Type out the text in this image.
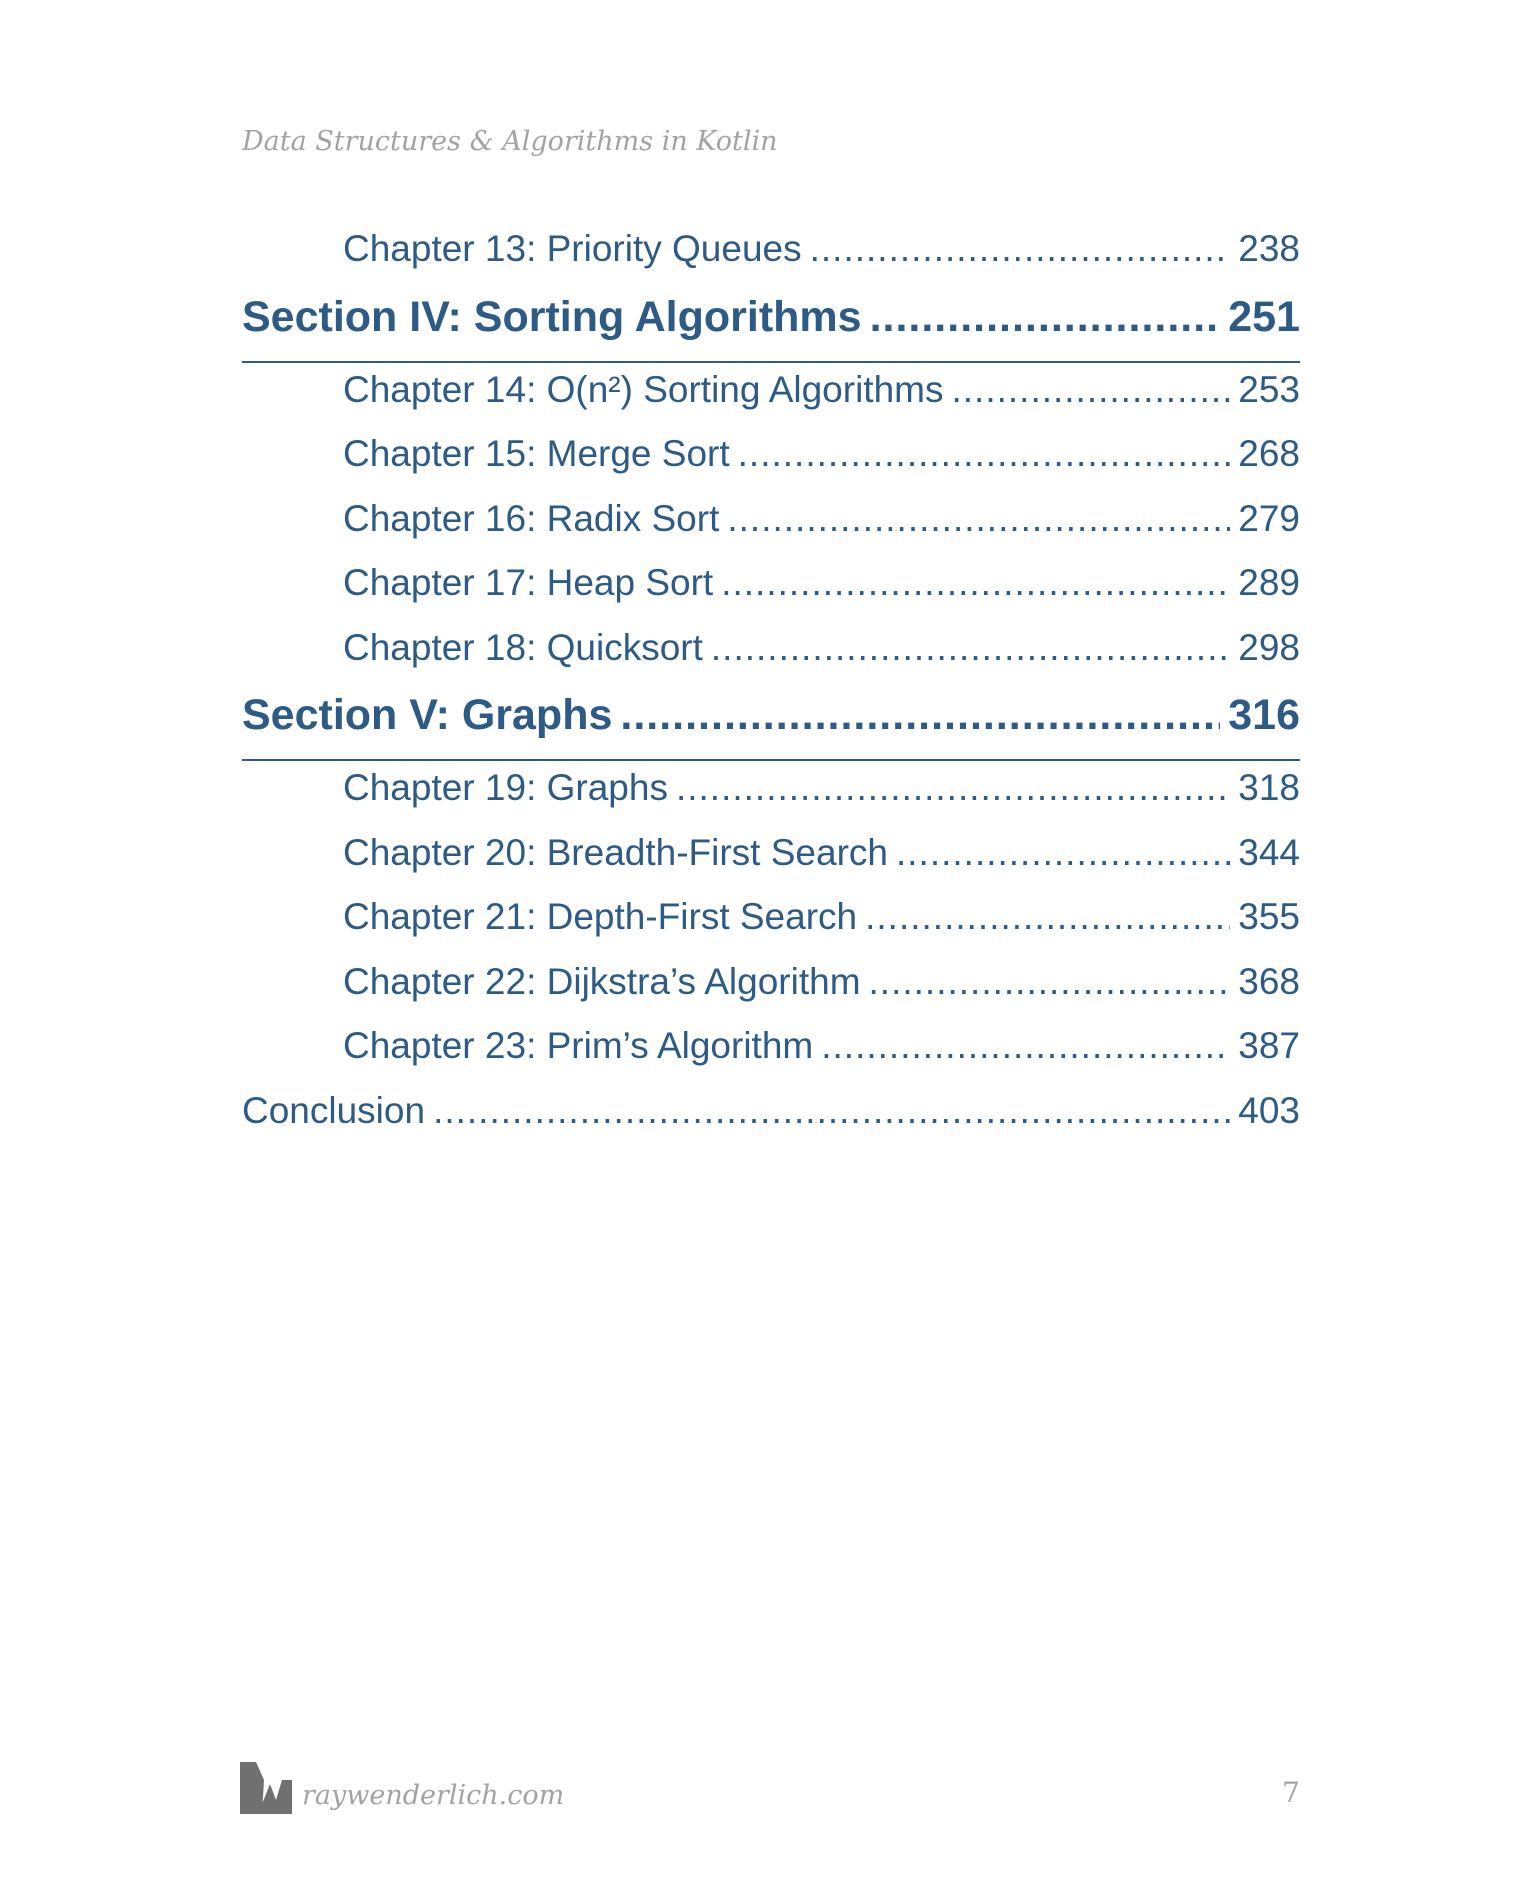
Data Structures & Algorithms in Kotlin
Chapter 13: Priority Queues .....	238
Section IV: Sorting Algorithms .....	251
Chapter 14: O(n²) Sorting Algorithms .....	253
Chapter 15: Merge Sort .....	268
Chapter 16: Radix Sort .....	279
Chapter 17: Heap Sort .....	289
Chapter 18: Quicksort .....	298
Section V: Graphs .....	316
Chapter 19: Graphs .....	318
Chapter 20: Breadth-First Search .....	344
Chapter 21: Depth-First Search .....	355
Chapter 22: Dijkstra’s Algorithm .....	368
Chapter 23: Prim’s Algorithm .....	387
Conclusion .....	403
raywenderlich.com	7
